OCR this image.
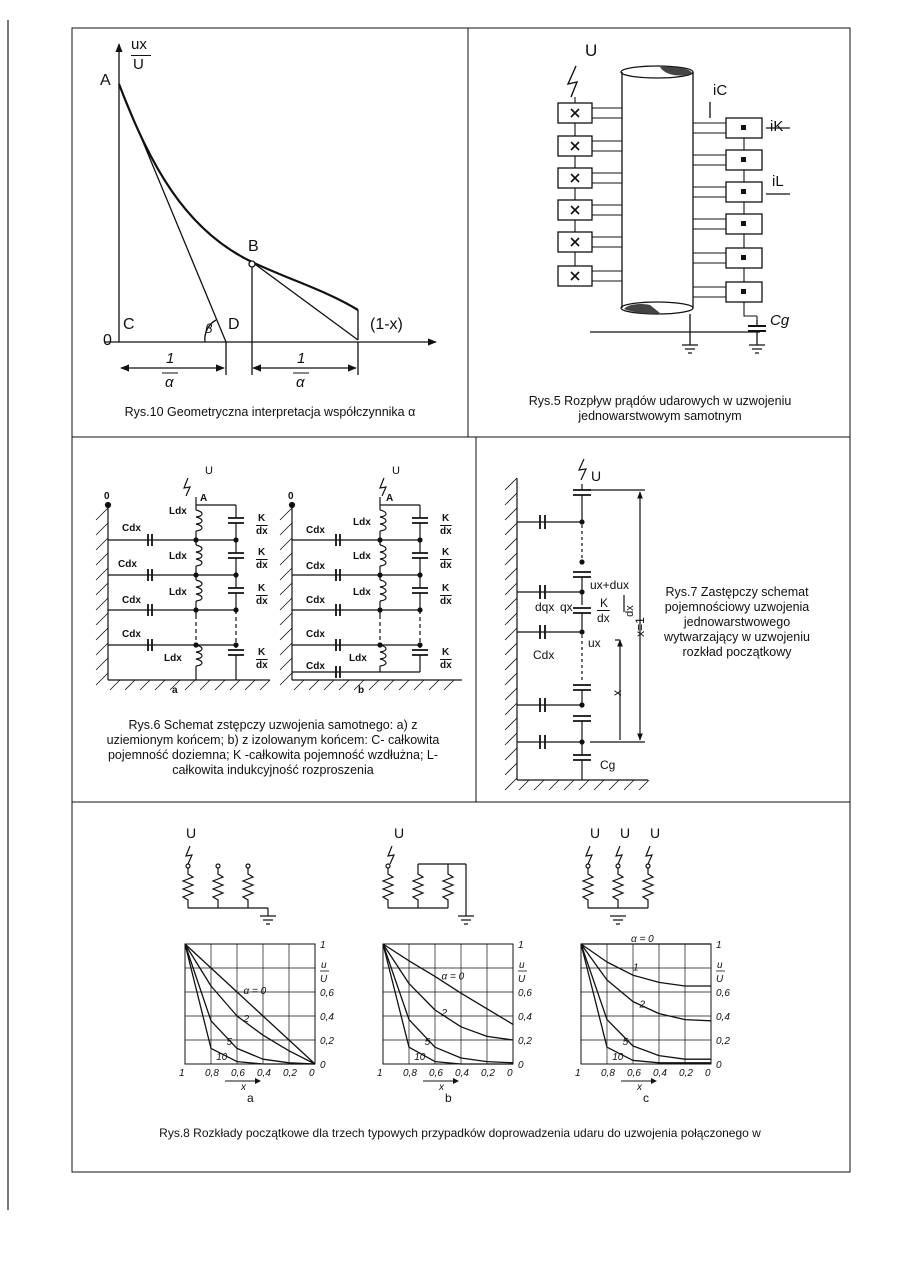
ux
U
A
B
C	D
0
β	(1-x)
1
α
1
α
Rys.10 Geometryczna interpretacja współczynnika α
U
iC
iK
iL
Cg
Rys.5 Rozpływ prądów udarowych w uzwojeniu jednowarstwowym samotnym
0	0
U	U
A	A
Cdx
Cdx
Cdx
Cdx
Ldx
Ldx
Ldx
Ldx
K
$\overline{dx}$
K
$\overline{dx}$
K
$\overline{dx}$
K
$\overline{dx}$
Cdx
Cdx
Cdx
Cdx
Cdx
Ldx
Ldx
Ldx
Ldx
K
$\overline{dx}$
K
$\overline{dx}$
K
$\overline{dx}$
K
$\overline{dx}$
a	b
Rys.6 Schemat zstępczy uzwojenia samotnego: a) z uziemionym końcem; b) z izolowanym końcem: C- całkowita pojemność doziemna; K -całkowita pojemność wzdłużna; L-całkowita indukcyjność rozproszenia
U
ux+dux
dqx qx K
$\overline{dx}$ dx
ux
Cdx
x=1
x
Cg
Rys.7 Zastępczy schemat pojemnościowy uzwojenia jednowarstwowego wytwarzający w uzwojeniu rozkład początkowy
U	U	U U U
α = 0
2
5
10
1
0,6
0,4
0,2
0
u
U
1 0,8 0,6 0,4 0,2 0
x
a
α = 0
2
5
10
1
0,6
0,4
0,2
0
u
U
1 0,8 0,6 0,4 0,2 0
x
b
α = 0
1
2
5
10
1
0,6
0,4
0,2
0
u
U
1 0,8 0,6 0,4 0,2 0
x
c
Rys.8 Rozkłady początkowe dla trzech typowych przypadków doprowadzenia udaru do uzwojenia połączonego w
